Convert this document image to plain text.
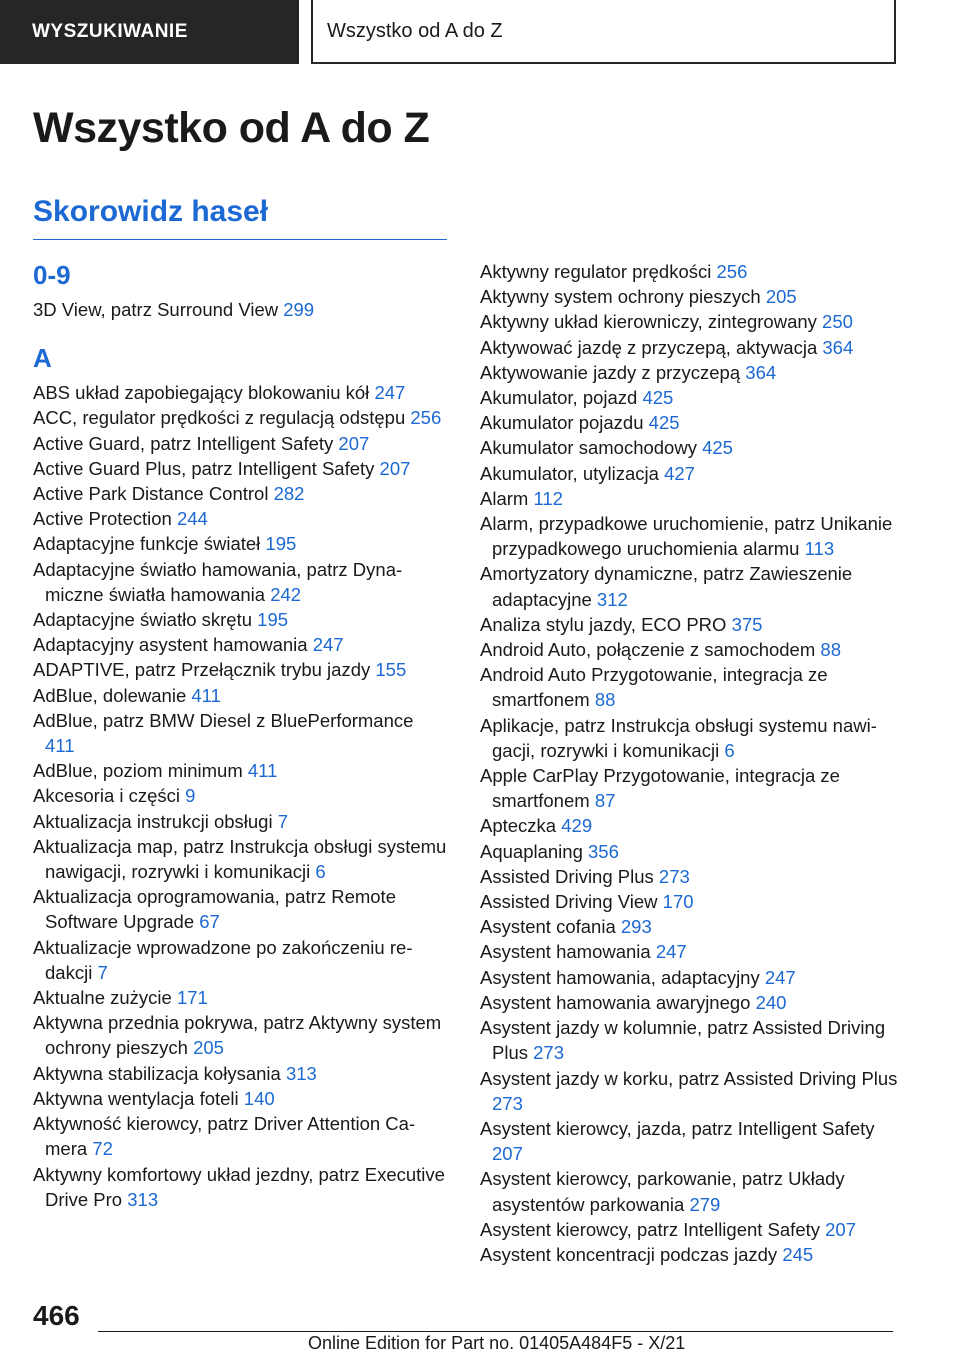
WYSZUKIWANIE	Wszystko od A do Z
Wszystko od A do Z
Skorowidz haseł
0-9
3D View, patrz Surround View 299
A
ABS układ zapobiegający blokowaniu kół 247
ACC, regulator prędkości z regulacją odstępu 256
Active Guard, patrz Intelligent Safety 207
Active Guard Plus, patrz Intelligent Safety 207
Active Park Distance Control 282
Active Protection 244
Adaptacyjne funkcje świateł 195
Adaptacyjne światło hamowania, patrz Dynamiczne światła hamowania 242
Adaptacyjne światło skrętu 195
Adaptacyjny asystent hamowania 247
ADAPTIVE, patrz Przełącznik trybu jazdy 155
AdBlue, dolewanie 411
AdBlue, patrz BMW Diesel z BluePerformance 411
AdBlue, poziom minimum 411
Akcesoria i części 9
Aktualizacja instrukcji obsługi 7
Aktualizacja map, patrz Instrukcja obsługi systemu nawigacji, rozrywki i komunikacji 6
Aktualizacja oprogramowania, patrz Remote Software Upgrade 67
Aktualizacje wprowadzone po zakończeniu redakcji 7
Aktualne zużycie 171
Aktywna przednia pokrywa, patrz Aktywny system ochrony pieszych 205
Aktywna stabilizacja kołysania 313
Aktywna wentylacja foteli 140
Aktywność kierowcy, patrz Driver Attention Camera 72
Aktywny komfortowy układ jezdny, patrz Executive Drive Pro 313
Aktywny regulator prędkości 256
Aktywny system ochrony pieszych 205
Aktywny układ kierowniczy, zintegrowany 250
Aktywować jazdę z przyczepą, aktywacja 364
Aktywowanie jazdy z przyczepą 364
Akumulator, pojazd 425
Akumulator pojazdu 425
Akumulator samochodowy 425
Akumulator, utylizacja 427
Alarm 112
Alarm, przypadkowe uruchomienie, patrz Unikanie przypadkowego uruchomienia alarmu 113
Amortyzatory dynamiczne, patrz Zawieszenie adaptacyjne 312
Analiza stylu jazdy, ECO PRO 375
Android Auto, połączenie z samochodem 88
Android Auto Przygotowanie, integracja ze smartfonem 88
Aplikacje, patrz Instrukcja obsługi systemu nawigacji, rozrywki i komunikacji 6
Apple CarPlay Przygotowanie, integracja ze smartfonem 87
Apteczka 429
Aquaplaning 356
Assisted Driving Plus 273
Assisted Driving View 170
Asystent cofania 293
Asystent hamowania 247
Asystent hamowania, adaptacyjny 247
Asystent hamowania awaryjnego 240
Asystent jazdy w kolumnie, patrz Assisted Driving Plus 273
Asystent jazdy w korku, patrz Assisted Driving Plus 273
Asystent kierowcy, jazda, patrz Intelligent Safety 207
Asystent kierowcy, parkowanie, patrz Układy asystentów parkowania 279
Asystent kierowcy, patrz Intelligent Safety 207
Asystent koncentracji podczas jazdy 245
466
Online Edition for Part no. 01405A484F5 - X/21
